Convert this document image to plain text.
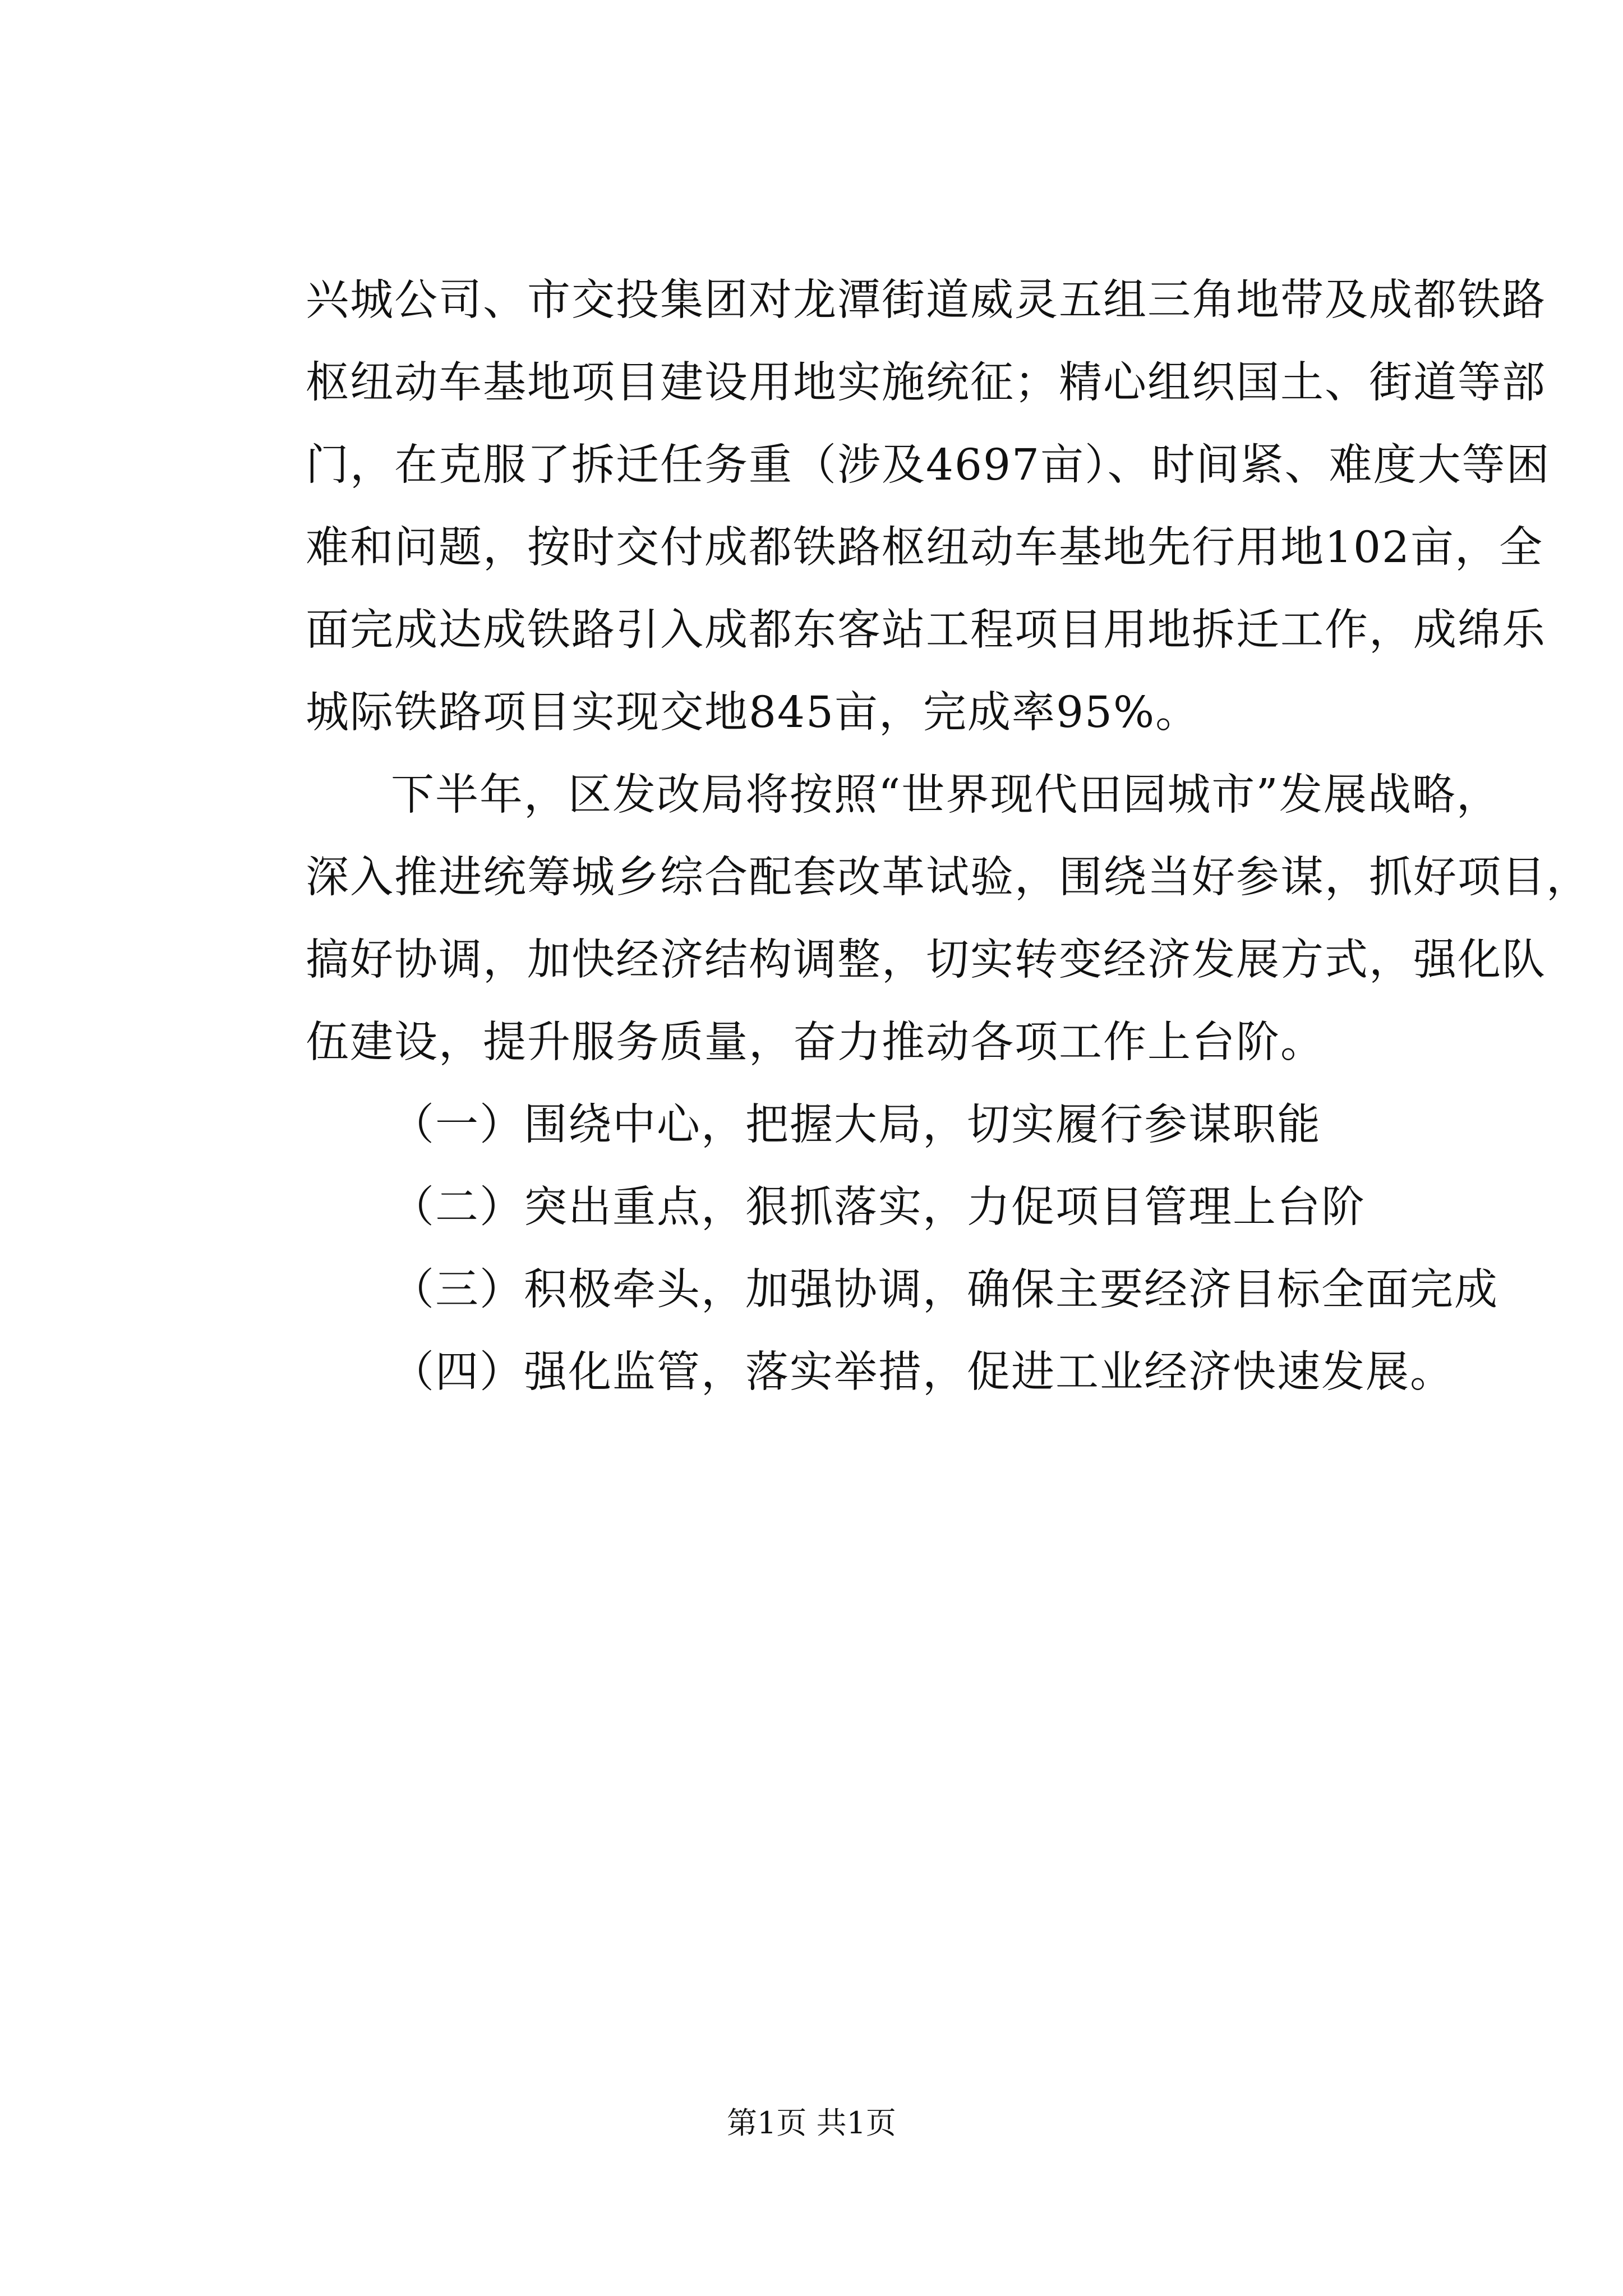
兴城公司、市交投集团对龙潭街道威灵五组三角地带及成都铁路
枢纽动车基地项目建设用地实施统征；精心组织国土、街道等部
门，在克服了拆迁任务重（涉及4697亩）、时间紧、难度大等困
难和问题，按时交付成都铁路枢纽动车基地先行用地102亩，全
面完成达成铁路引入成都东客站工程项目用地拆迁工作，成绵乐
城际铁路项目实现交地845亩，完成率95%。
下半年，区发改局将按照“世界现代田园城市”发展战略，
深入推进统筹城乡综合配套改革试验，围绕当好参谋，抓好项目，
搞好协调，加快经济结构调整，切实转变经济发展方式，强化队
伍建设，提升服务质量，奋力推动各项工作上台阶。
（一）围绕中心，把握大局，切实履行参谋职能
（二）突出重点，狠抓落实，力促项目管理上台阶
（三）积极牵头，加强协调，确保主要经济目标全面完成
（四）强化监管，落实举措，促进工业经济快速发展。
第1页 共1页
